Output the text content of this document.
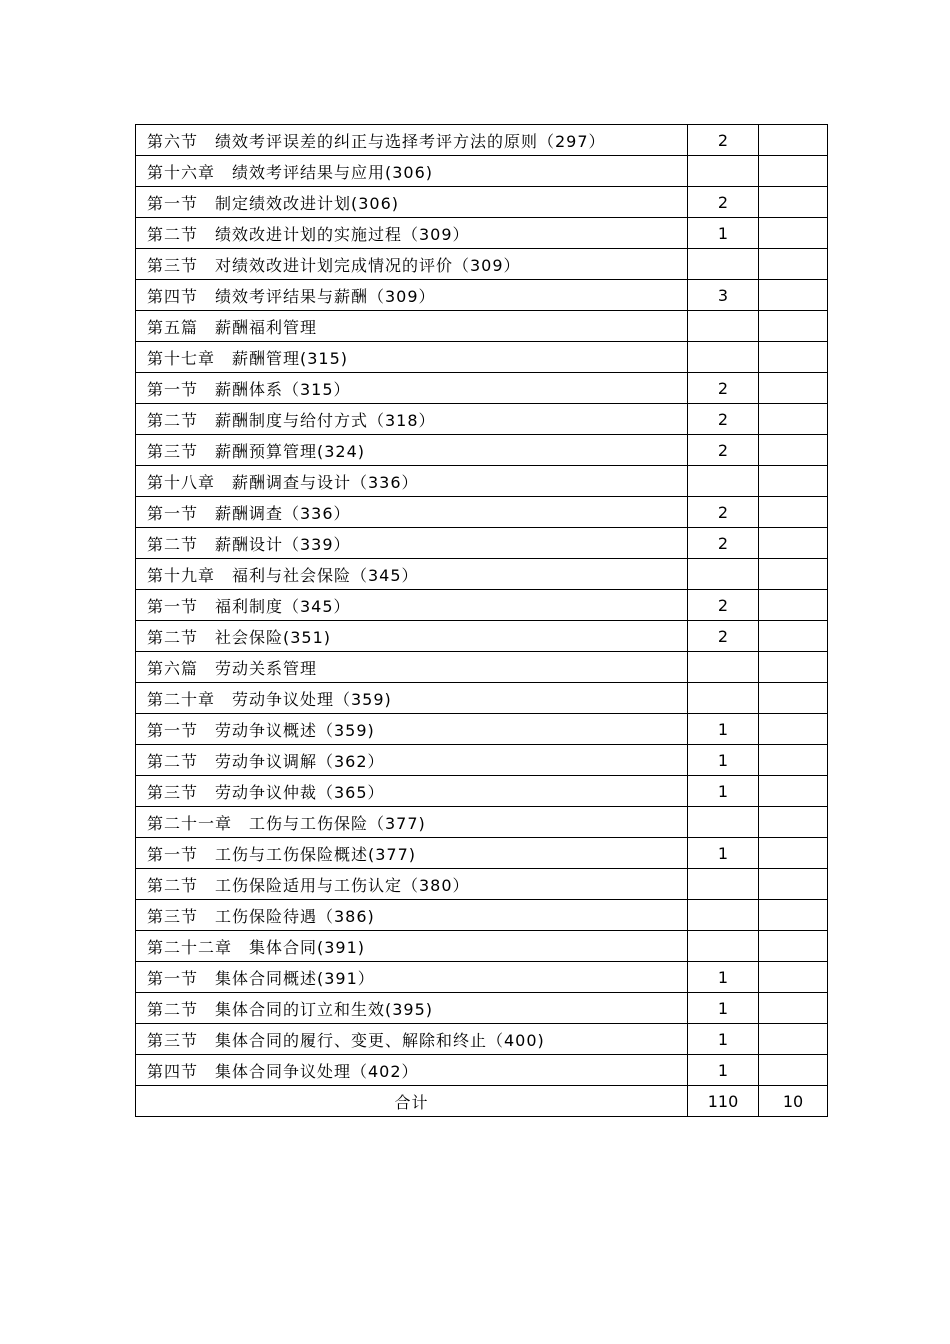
第六节　绩效考评误差的纠正与选择考评方法的原则（297）	2	
第十六章　绩效考评结果与应用(306)		
第一节　制定绩效改进计划(306)	2	
第二节　绩效改进计划的实施过程（309）	1	
第三节　对绩效改进计划完成情况的评价（309）		
第四节　绩效考评结果与薪酬（309）	3	
第五篇　薪酬福利管理		
第十七章　薪酬管理(315)		
第一节　薪酬体系（315）	2	
第二节　薪酬制度与给付方式（318）	2	
第三节　薪酬预算管理(324)	2	
第十八章　薪酬调查与设计（336）		
第一节　薪酬调查（336）	2	
第二节　薪酬设计（339）	2	
第十九章　福利与社会保险（345）		
第一节　福利制度（345）	2	
第二节　社会保险(351)	2	
第六篇　劳动关系管理		
第二十章　劳动争议处理（359)		
第一节　劳动争议概述（359)	1	
第二节　劳动争议调解（362）	1	
第三节　劳动争议仲裁（365）	1	
第二十一章　工伤与工伤保险（377)		
第一节　工伤与工伤保险概述(377)	1	
第二节　工伤保险适用与工伤认定（380）		
第三节　工伤保险待遇（386)		
第二十二章　集体合同(391)		
第一节　集体合同概述(391）	1	
第二节　集体合同的订立和生效(395)	1	
第三节　集体合同的履行、变更、解除和终止（400)	1	
第四节　集体合同争议处理（402）	1	
合计	110	10
